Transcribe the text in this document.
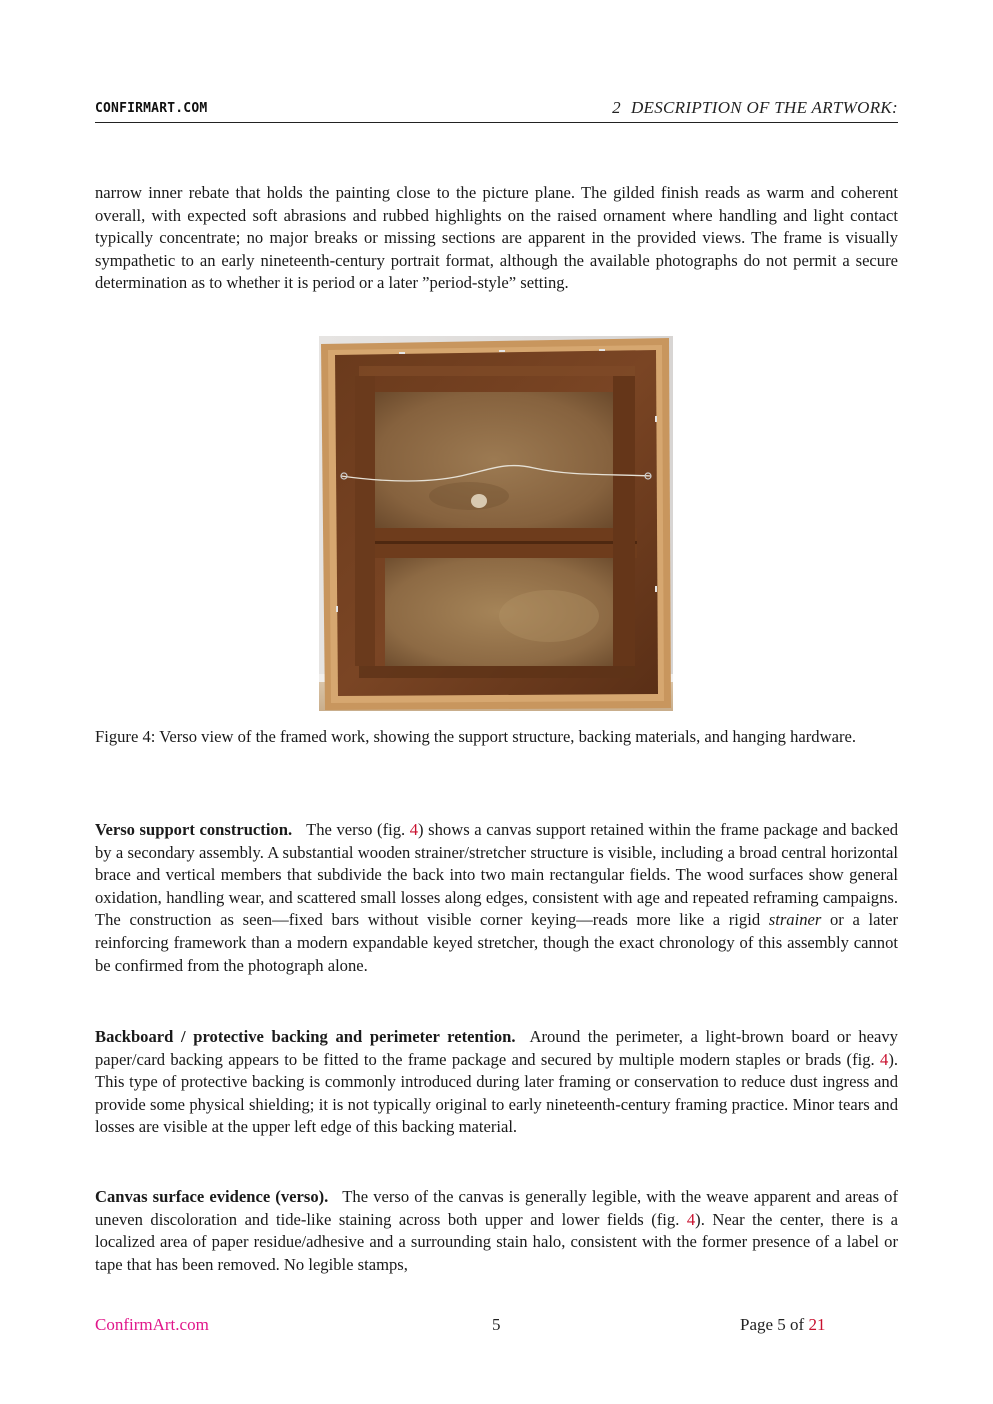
CONFIRMART.COM	2 DESCRIPTION OF THE ARTWORK:

narrow inner rebate that holds the painting close to the picture plane. The gilded finish reads as warm and coherent overall, with expected soft abrasions and rubbed highlights on the raised ornament where handling and light contact typically concentrate; no major breaks or missing sections are apparent in the provided views. The frame is visually sympathetic to an early nineteenth-century portrait format, although the available photographs do not permit a secure determination as to whether it is period or a later ”period-style” setting.

Figure 4: Verso view of the framed work, showing the support structure, backing materials, and hanging hardware.

Verso support construction. The verso (fig. 4) shows a canvas support retained within the frame package and backed by a secondary assembly. A substantial wooden strainer/stretcher structure is visible, including a broad central horizontal brace and vertical members that subdivide the back into two main rectangular fields. The wood surfaces show general oxidation, handling wear, and scattered small losses along edges, consistent with age and repeated reframing campaigns. The construction as seen—fixed bars without visible corner keying—reads more like a rigid strainer or a later reinforcing framework than a modern expandable keyed stretcher, though the exact chronology of this assembly cannot be confirmed from the photograph alone.

Backboard / protective backing and perimeter retention. Around the perimeter, a light-brown board or heavy paper/card backing appears to be fitted to the frame package and secured by multiple modern staples or brads (fig. 4). This type of protective backing is commonly introduced during later framing or conservation to reduce dust ingress and provide some physical shielding; it is not typically original to early nineteenth-century framing practice. Minor tears and losses are visible at the upper left edge of this backing material.

Canvas surface evidence (verso). The verso of the canvas is generally legible, with the weave apparent and areas of uneven discoloration and tide-like staining across both upper and lower fields (fig. 4). Near the center, there is a localized area of paper residue/adhesive and a surrounding stain halo, consistent with the former presence of a label or tape that has been removed. No legible stamps,

ConfirmArt.com	5	Page 5 of 21
